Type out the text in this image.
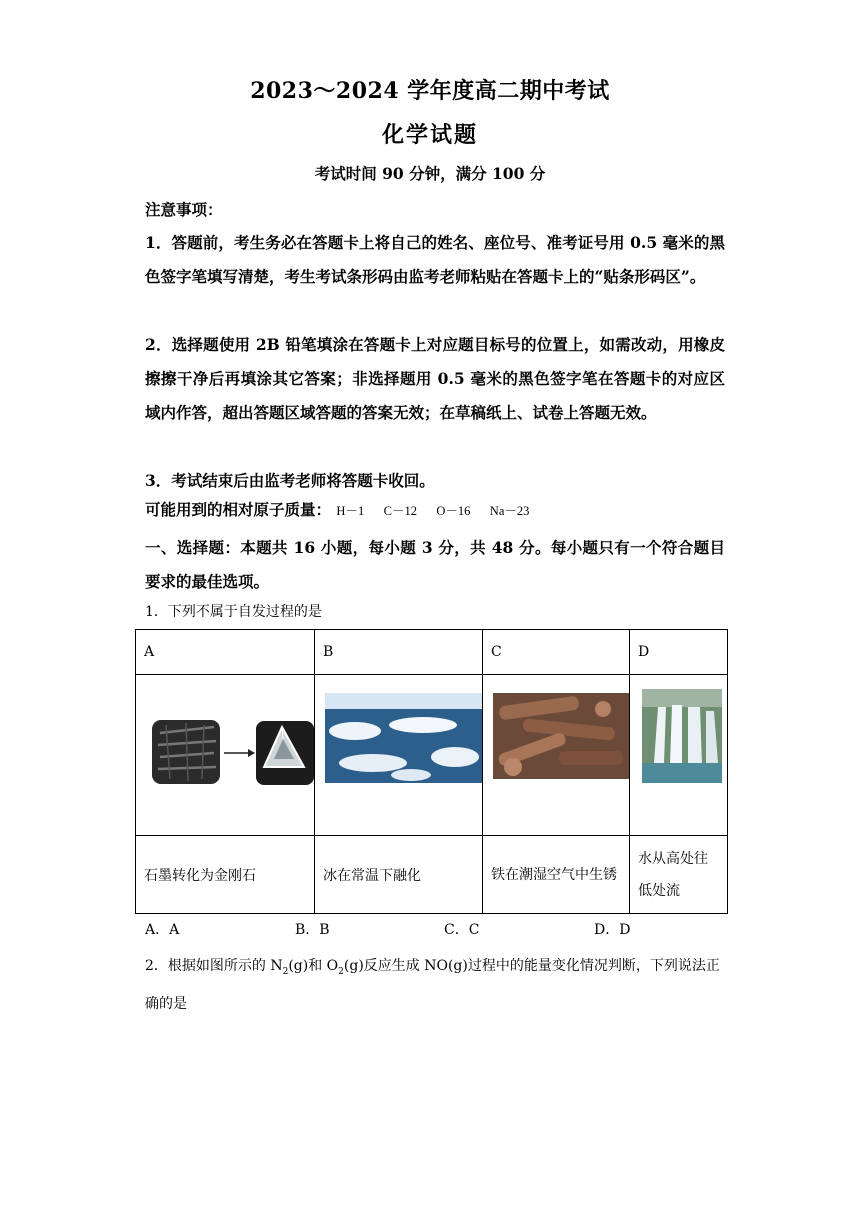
2023～2024 学年度高二期中考试
化学试题
考试时间 90 分钟，满分 100 分
注意事项：
1．答题前，考生务必在答题卡上将自己的姓名、座位号、准考证号用 0.5 毫米的黑色签字笔填写清楚，考生考试条形码由监考老师粘贴在答题卡上的“贴条形码区”。
2．选择题使用 2B 铅笔填涂在答题卡上对应题目标号的位置上，如需改动，用橡皮擦擦干净后再填涂其它答案；非选择题用 0.5 毫米的黑色签字笔在答题卡的对应区域内作答，超出答题区域答题的答案无效；在草稿纸上、试卷上答题无效。
3．考试结束后由监考老师将答题卡收回。
可能用到的相对原子质量： H－1 C－12 O－16 Na－23
一、选择题：本题共 16 小题，每小题 3 分，共 48 分。每小题只有一个符合题目要求的最佳选项。
1．下列不属于自发过程的是
A	B	C	D

石墨转化为金刚石	冰在常温下融化	铁在潮湿空气中生锈	水从高处往低处流
A．A	B．B	C．C	D．D
2．根据如图所示的 $N_2(g)$和 $O_2(g)$反应生成 NO(g)过程中的能量变化情况判断，下列说法正确的是
